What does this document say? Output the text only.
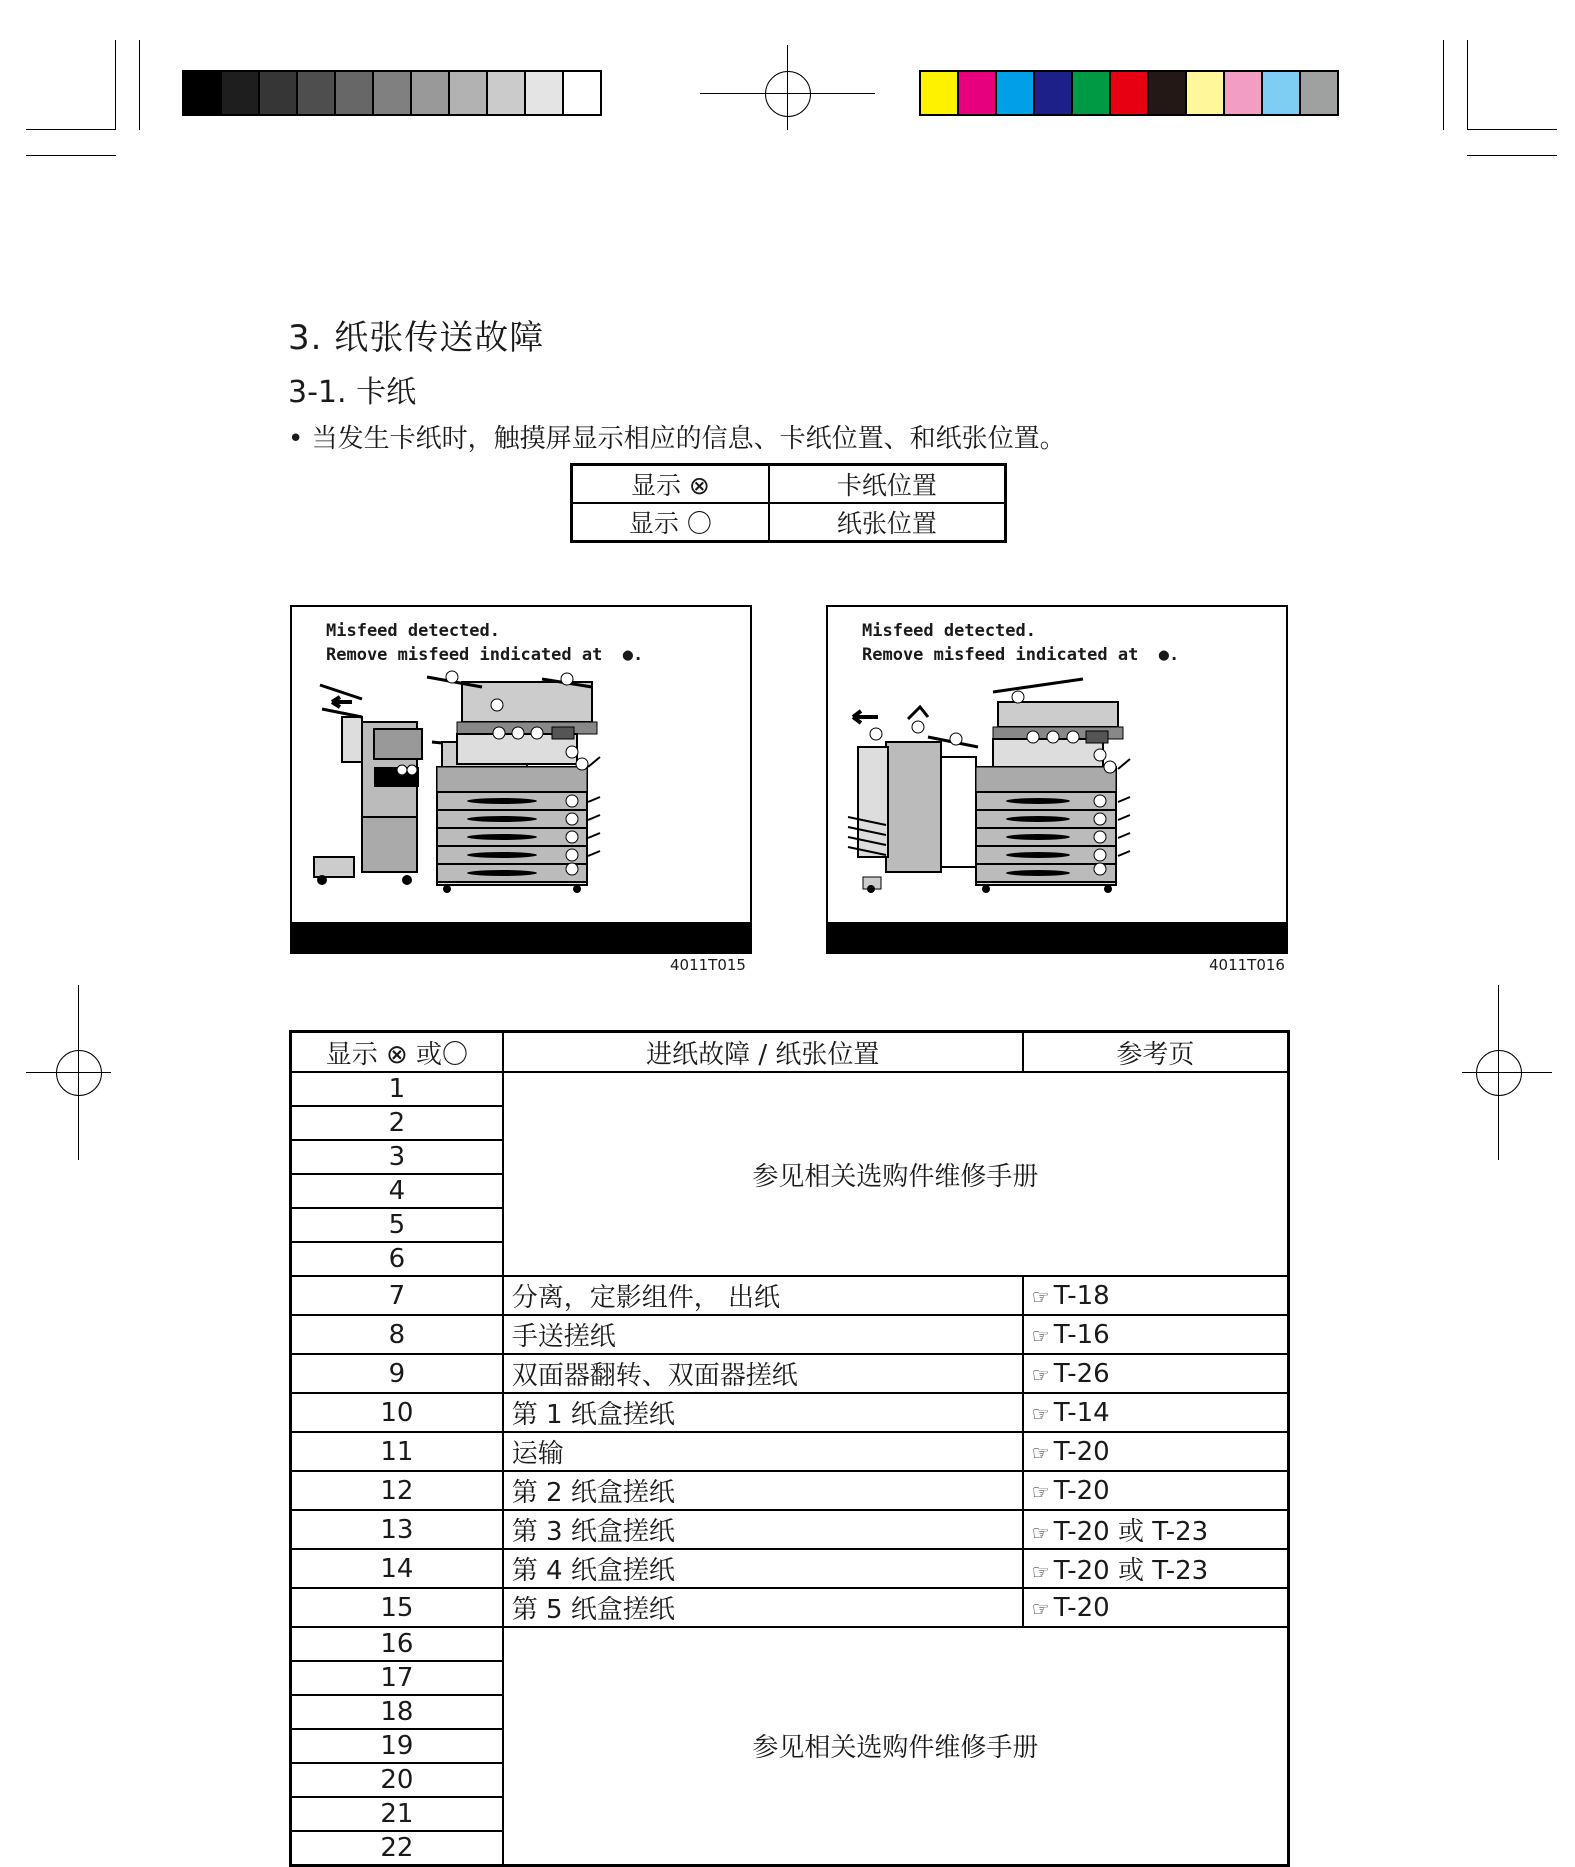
3. 纸张传送故障
3-1. 卡纸
• 当发生卡纸时，触摸屏显示相应的信息、卡纸位置、和纸张位置。
显示 ⊗	卡纸位置
显示 〇	纸张位置
Misfeed detected.
Remove misfeed indicated at  ●.
4011T015
Misfeed detected.
Remove misfeed indicated at  ●.
4011T016
显示 ⊗ 或〇	进纸故障 / 纸张位置	参考页
1	参见相关选购件维修手册	
2		
3		
4		
5		
6		
7	分离，定影组件， 出纸	☞ T-18
8	手送搓纸	☞ T-16
9	双面器翻转、双面器搓纸	☞ T-26
10	第 1 纸盒搓纸	☞ T-14
11	运输	☞ T-20
12	第 2 纸盒搓纸	☞ T-20
13	第 3 纸盒搓纸	☞ T-20 或 T-23
14	第 4 纸盒搓纸	☞ T-20 或 T-23
15	第 5 纸盒搓纸	☞ T-20
16	参见相关选购件维修手册	
17		
18		
19		
20		
21		
22		
